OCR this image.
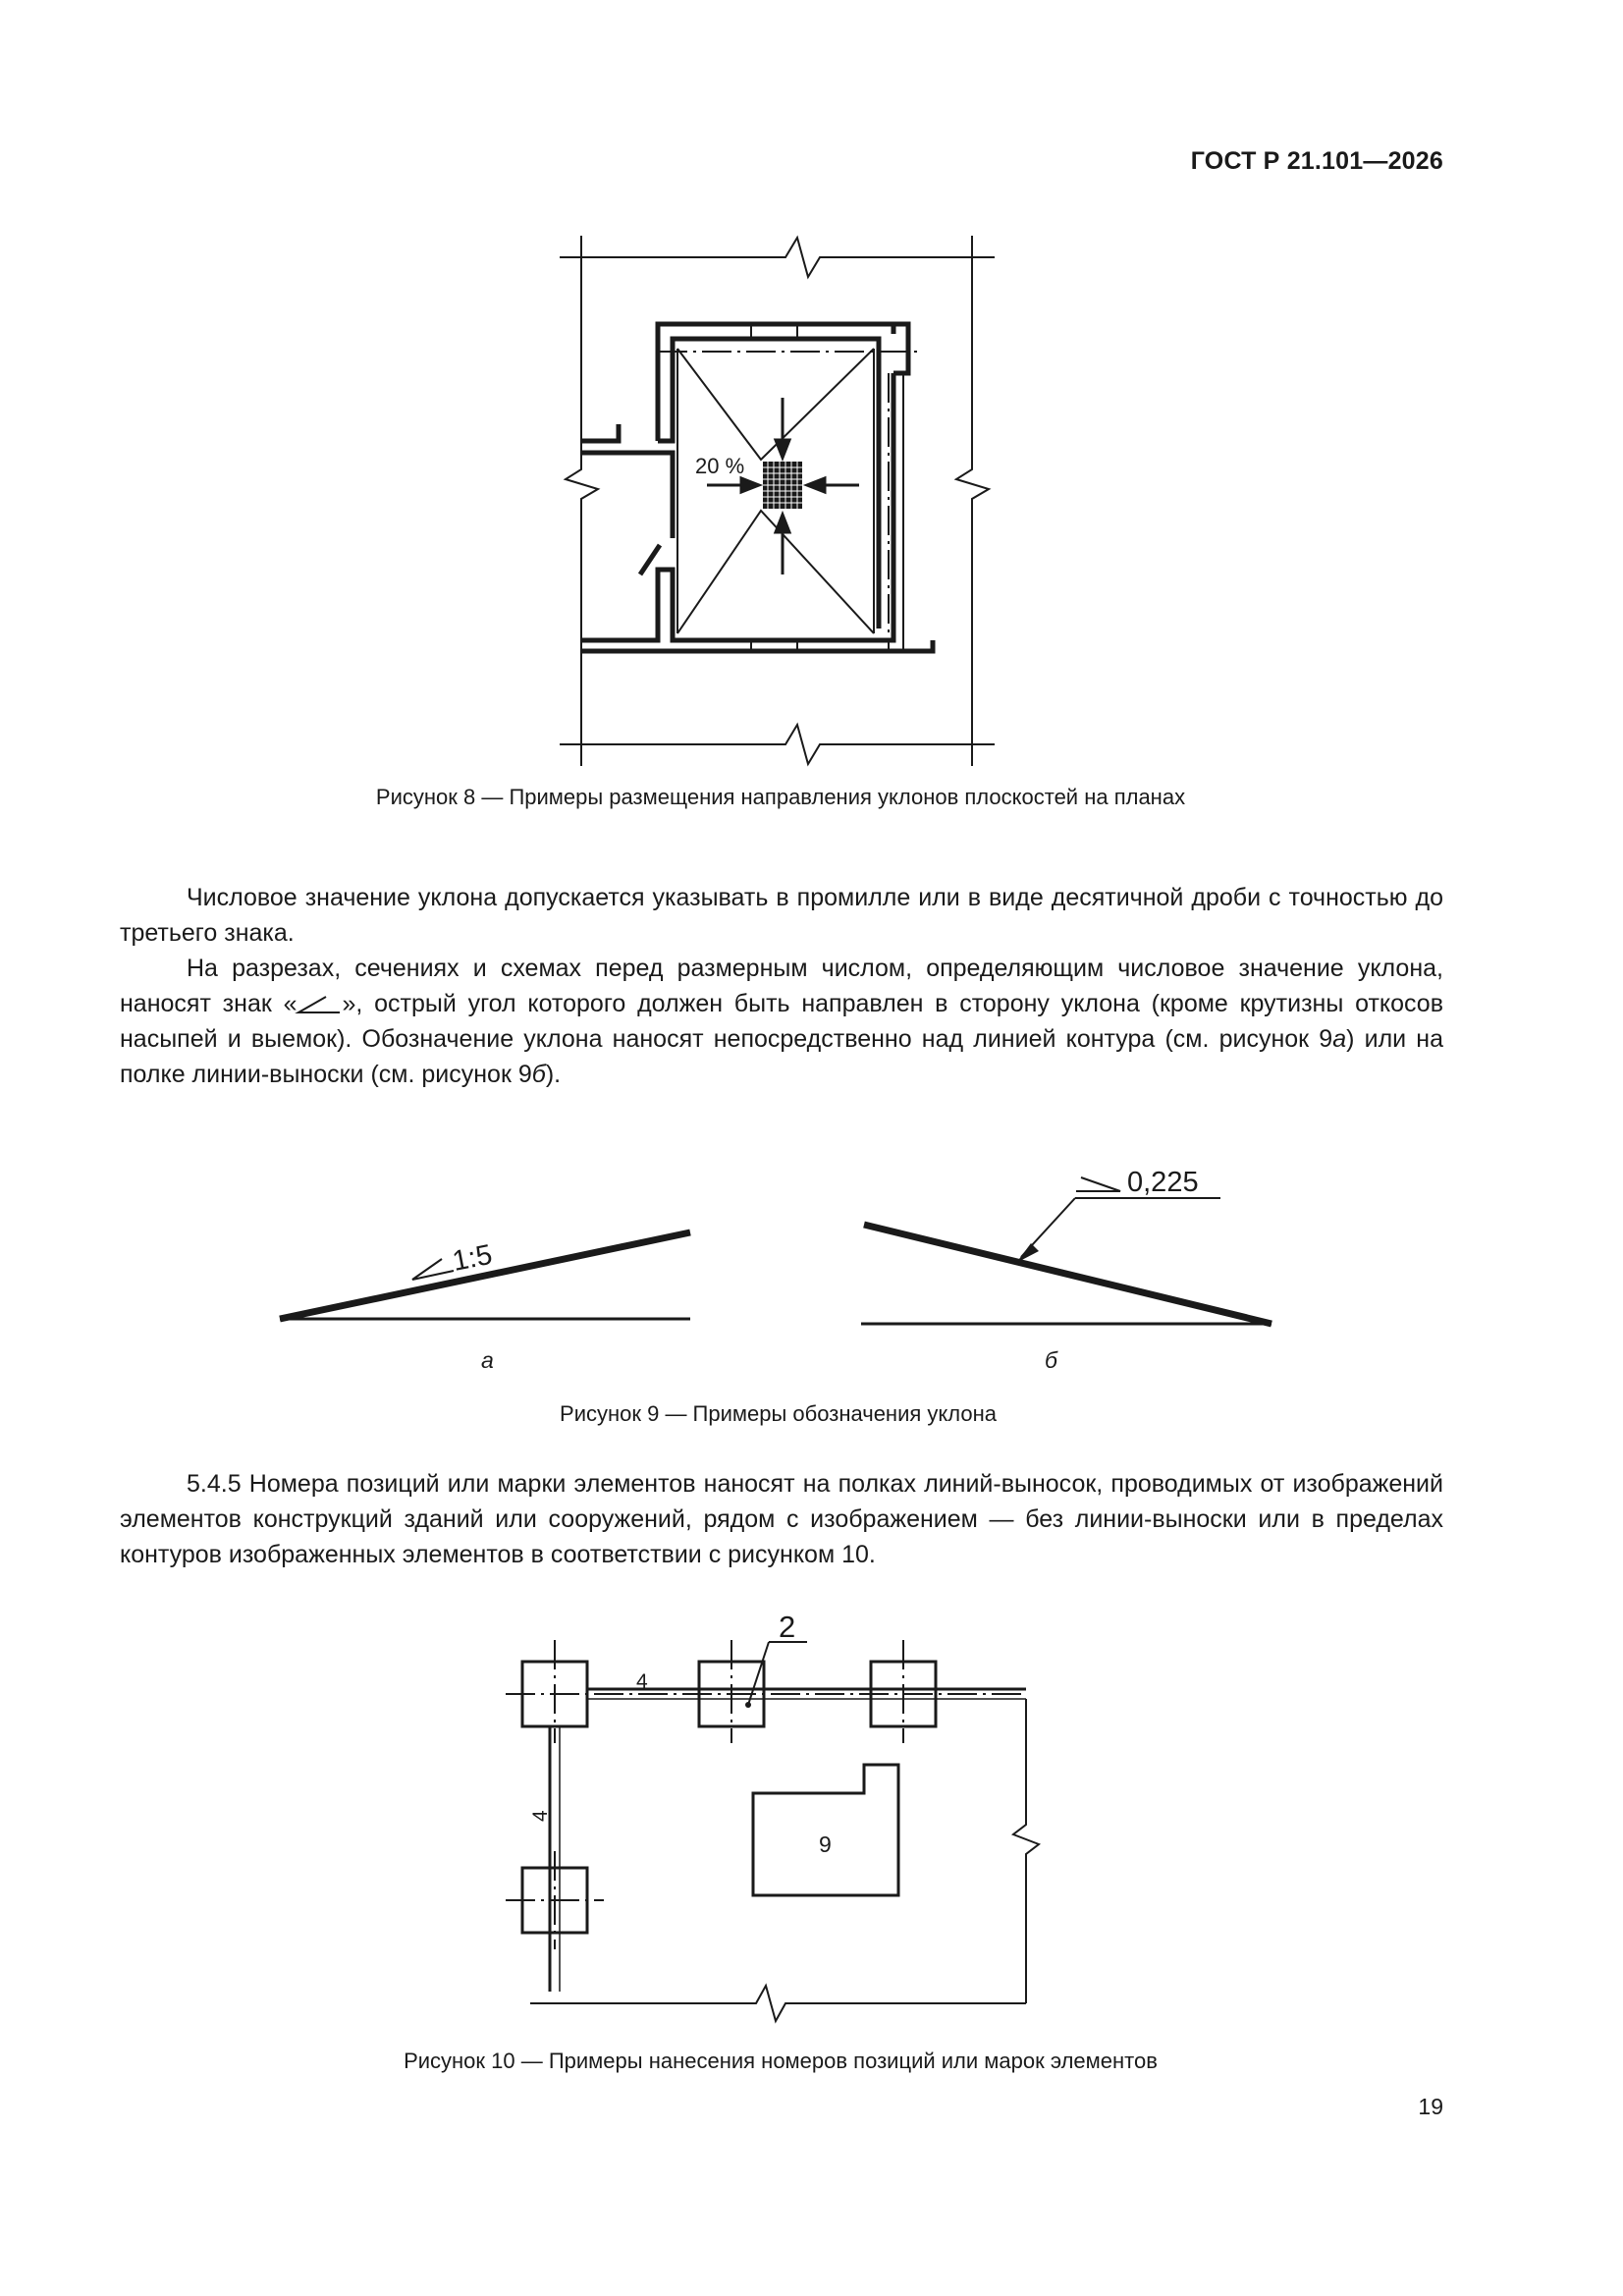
ГОСТ Р 21.101—2026
20 %
Рисунок 8 — Примеры размещения направления уклонов плоскостей на планах

Числовое значение уклона допускается указывать в промилле или в виде десятичной дроби с точностью до третьего знака.

На разрезах, сечениях и схемах перед размерным числом, определяющим числовое значение уклона, наносят знак « », острый угол которого должен быть направлен в сторону уклона (кроме крутизны откосов насыпей и выемок). Обозначение уклона наносят непосредственно над линией контура (см. рисунок 9а) или на полке линии-выноски (см. рисунок 9б).

1:5
0,225
а	б
Рисунок 9 — Примеры обозначения уклона

5.4.5 Номера позиций или марки элементов наносят на полках линий-выносок, проводимых от изображений элементов конструкций зданий или сооружений, рядом с изображением — без линии-выноски или в пределах контуров изображенных элементов в соответствии с рисунком 10.

2
4
4
9
Рисунок 10 — Примеры нанесения номеров позиций или марок элементов
19
